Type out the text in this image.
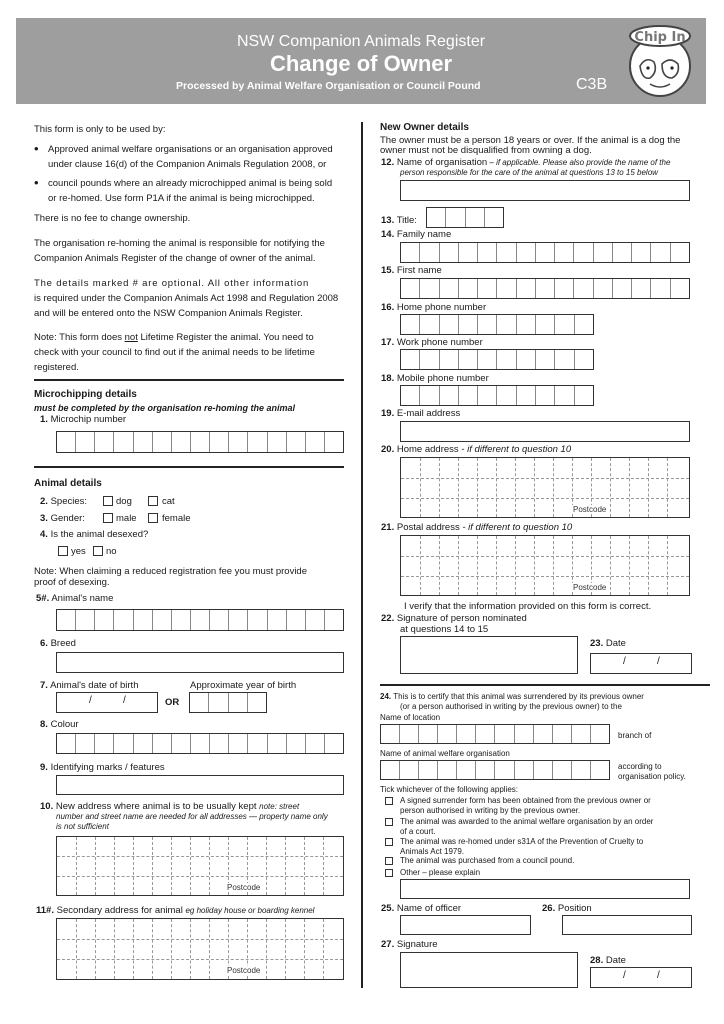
NSW Companion Animals Register
Change of Owner
Processed by Animal Welfare Organisation or Council Pound	C3B
Chip In
This form is only to be used by:
• Approved animal welfare organisations or an organisation approved
under clause 16(d) of the Companion Animals Regulation 2008, or
• council pounds where an already microchipped animal is being sold
or re-homed. Use form P1A if the animal is being microchipped.
There is no fee to change ownership.
The organisation re-homing the animal is responsible for notifying the
Companion Animals Register of the change of owner of the animal.
The details marked # are optional. All other information
is required under the Companion Animals Act 1998 and Regulation 2008
and will be entered onto the NSW Companion Animals Register.
Note: This form does not Lifetime Register the animal. You need to
check with your council to find out if the animal needs to be lifetime
registered.
Microchipping details
must be completed by the organisation re-homing the animal
1. Microchip number
Animal details
2. Species:	dog	cat
3. Gender:	male	female
4. Is the animal desexed?
yes no
Note: When claiming a reduced registration fee you must provide
proof of desexing.
5#. Animal's name
6. Breed
7. Animal's date of birth	Approximate year of birth
/	/	OR
8. Colour
9. Identifying marks / features
10. New address where animal is to be usually kept note: street
number and street name are needed for all addresses — property name only
is not sufficient
Postcode
11#. Secondary address for animal eg holiday house or boarding kennel
Postcode
New Owner details
The owner must be a person 18 years or over. If the animal is a dog the
owner must not be disqualified from owning a dog.
12. Name of organisation – if applicable. Please also provide the name of the
person responsible for the care of the animal at questions 13 to 15 below
13. Title:
14. Family name
15. First name
16. Home phone number
17. Work phone number
18. Mobile phone number
19. E-mail address
20. Home address - if different to question 10
Postcode
21. Postal address - if different to question 10
Postcode
I verify that the information provided on this form is correct.
22. Signature of person nominated
at questions 14 to 15
23. Date
/	/
24. This is to certify that this animal was surrendered by its previous owner
(or a person authorised in writing by the previous owner) to the
Name of location
branch of
Name of animal welfare organisation
according to
organisation policy.
Tick whichever of the following applies:
A signed surrender form has been obtained from the previous owner or
person authorised in writing by the previous owner.
The animal was awarded to the animal welfare organisation by an order
of a court.
The animal was re-homed under s31A of the Prevention of Cruelty to
Animals Act 1979.
The animal was purchased from a council pound.
Other – please explain
25. Name of officer	26. Position
27. Signature
28. Date
/	/
